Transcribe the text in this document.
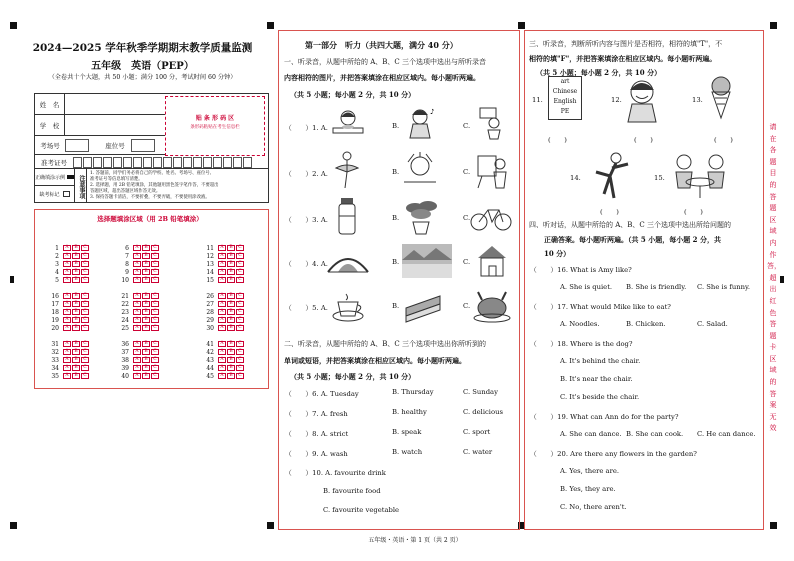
2024—2025 学年秋季学期期末教学质量监测
五年级　英语（PEP）
（全卷共十个大题，共 50 小题；满分 100 分，考试时间 60 分钟）
姓　名
学　校
考场号	座位号
贴 条 形 码 区
条形码粘贴在考生信息栏
准考证号
正确填涂示例
缺考标记	注意事项
1. 答题前，同学们务必将自己的学校、姓名、考场号、座位号、
准考证号等信息填写清楚。
2. 选择题，用 2B 铅笔填涂，其他题用黑色签字笔作答，不要超出
答题区域，超出答题区域作答无效。
3. 保持答题卡清洁，不要折叠，不要弄破，不要使用涂改液。
选择题填涂区域（用 2B 铅笔填涂）
1	A	B	C
2	A	B	C
3	A	B	C
4	A	B	C
5	A	B	C
6	A	B	C
7	A	B	C
8	A	B	C
9	A	B	C
10	A	B	C
11	A	B	C
12	A	B	C
13	A	B	C
14	A	B	C
15	A	B	C
16	A	B	C
17	A	B	C
18	A	B	C
19	A	B	C
20	A	B	C
21	A	B	C
22	A	B	C
23	A	B	C
24	A	B	C
25	A	B	C
26	A	B	C
27	A	B	C
28	A	B	C
29	A	B	C
30	A	B	C
31	A	B	C
32	A	B	C
33	A	B	C
34	A	B	C
35	A	B	C
36	A	B	C
37	A	B	C
38	A	B	C
39	A	B	C
40	A	B	C
41	A	B	C
42	A	B	C
43	A	B	C
44	A	B	C
45	A	B	C
第一部分　听力（共四大题，满分 40 分）
一、听录音，从题中所给的 A、B、C 三个选项中选出与所听录音
内容相符的图片，并把答案填涂在相应区域内。每小题听两遍。
（共 5 小题；每小题 2 分，共 10 分）
（　　）1. A.	B.	C.
（　　）2. A.	B.	C.
（　　）3. A.	B.	C.
（　　）4. A.	B.	C.
（　　）5. A.	B.	C.
♪
二、听录音，从题中所给的 A、B、C 三个选项中选出你所听到的
单词或短语，并把答案填涂在相应区域内。每小题听两遍。
（共 5 小题；每小题 2 分，共 10 分）
（　　）6. A. Tuesday	B. Thursday	C. Sunday
（　　）7. A. fresh	B. healthy	C. delicious
（　　）8. A. strict	B. speak	C. sport
（　　）9. A. wash	B. watch	C. water
（　　）10. A. favourite drink
B. favourite food
C. favourite vegetable
五年级・英语・第 1 页（共 2 页）
三、听录音，判断所听内容与图片是否相符，相符的填"T"，不
相符的填"F"，并把答案填涂在相应区域内。每小题听两遍。
（共 5 小题；每小题 2 分，共 10 分）
11.
art
Chinese
English
PE
12.	13.
(　　)	(　　)	(　　)
14.	15.
(　　)	(　　)
四、听对话，从题中所给的 A、B、C 三个选项中选出所给问题的
正确答案。每小题听两遍。（共 5 小题，每小题 2 分，共
10 分）
（　　）16. What is Amy like?
A. She is quiet. B. She is friendly. C. She is funny.
（　　）17. What would Mike like to eat?
A. Noodles.	B. Chicken.	C. Salad.
（　　）18. Where is the dog?
A. It's behind the chair.
B. It's near the chair.
C. It's beside the chair.
（　　）19. What can Ann do for the party?
A. She can dance. B. She can cook. C. He can dance.
（　　）20. Are there any flowers in the garden?
A. Yes, there are.
B. Yes, they are.
C. No, there aren't.
请在各题目的答题区域内作答，超出红色答题卡区域的答案无效
